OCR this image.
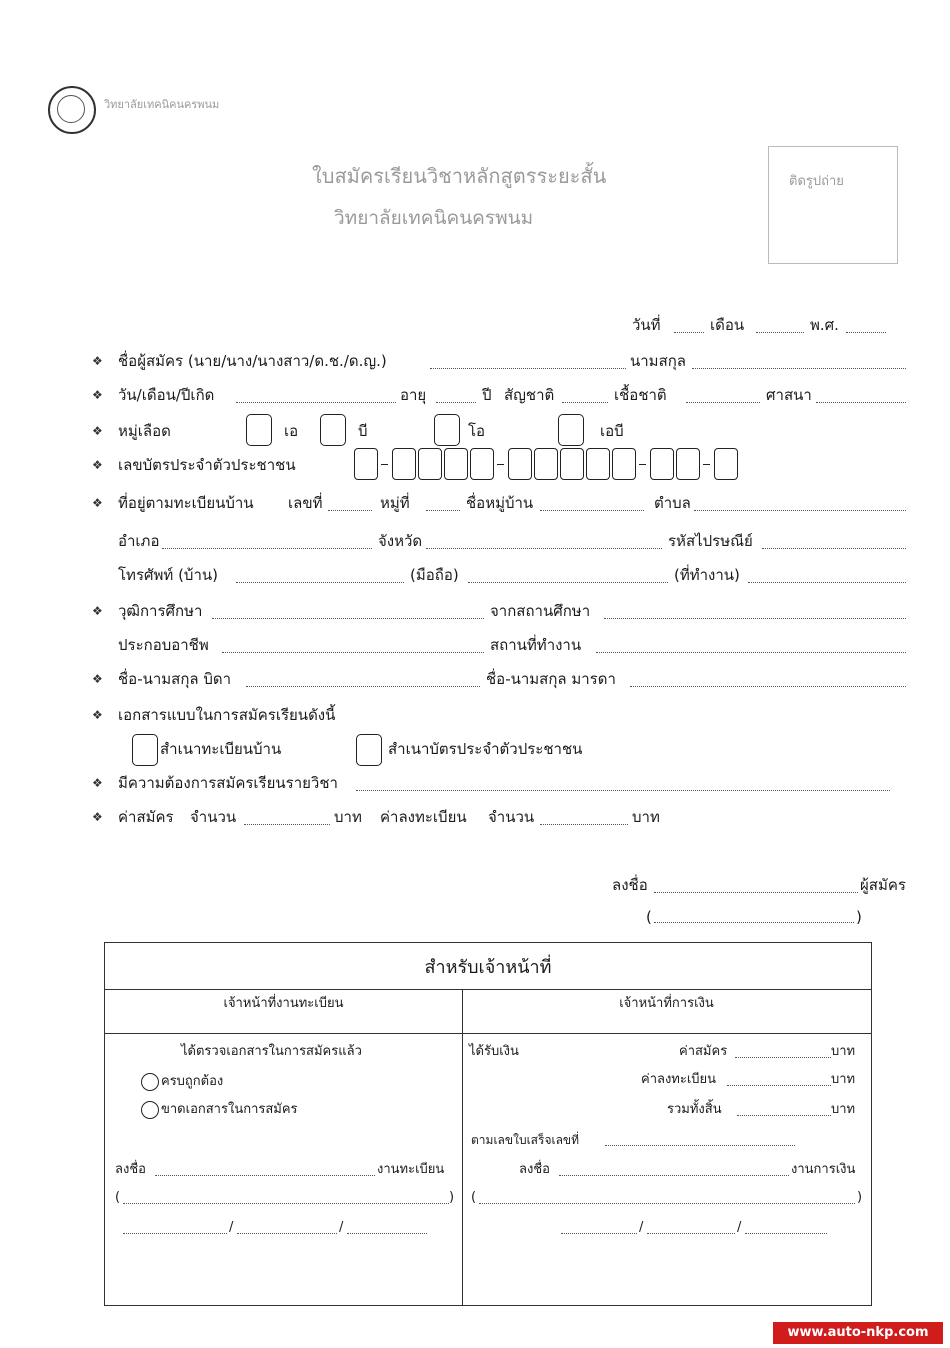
วิทยาลัยเทคนิคนครพนม
ใบสมัครเรียนวิชาหลักสูตรระยะสั้น
วิทยาลัยเทคนิคนครพนม
ติดรูปถ่าย
วันที่	เดือน	พ.ศ.
❖ ชื่อผู้สมัคร (นาย/นาง/นางสาว/ด.ช./ด.ญ.)	นามสกุล
❖ วัน/เดือน/ปีเกิด	อายุ	ปี สัญชาติ	เชื้อชาติ	ศาสนา
❖ หมู่เลือด	เอ	บี	โอ	เอบี
❖ เลขบัตรประจำตัวประชาชน
❖ ที่อยู่ตามทะเบียนบ้าน เลขที่	หมู่ที่	ชื่อหมู่บ้าน	ตำบล
อำเภอ	จังหวัด	รหัสไปรษณีย์
โทรศัพท์ (บ้าน)	(มือถือ)	(ที่ทำงาน)
❖ วุฒิการศึกษา	จากสถานศึกษา
ประกอบอาชีพ	สถานที่ทำงาน
❖ ชื่อ-นามสกุล บิดา	ชื่อ-นามสกุล มารดา
❖ เอกสารแบบในการสมัครเรียนดังนี้
สำเนาทะเบียนบ้าน	สำเนาบัตรประจำตัวประชาชน
❖ มีความต้องการสมัครเรียนรายวิชา
❖ ค่าสมัคร จำนวน	บาท ค่าลงทะเบียน จำนวน	บาท
ลงชื่อ	ผู้สมัคร
(	)
สำหรับเจ้าหน้าที่
เจ้าหน้าที่งานทะเบียน	เจ้าหน้าที่การเงิน
ได้ตรวจเอกสารในการสมัครแล้ว
ครบถูกต้อง
ขาดเอกสารในการสมัคร
ลงชื่อ	งานทะเบียน
(	)
/	/
ได้รับเงิน	ค่าสมัคร	บาท
ค่าลงทะเบียน	บาท
รวมทั้งสิ้น	บาท
ตามเลขใบเสร็จเลขที่
ลงชื่อ	งานการเงิน
(	)
/	/
www.auto-nkp.com
